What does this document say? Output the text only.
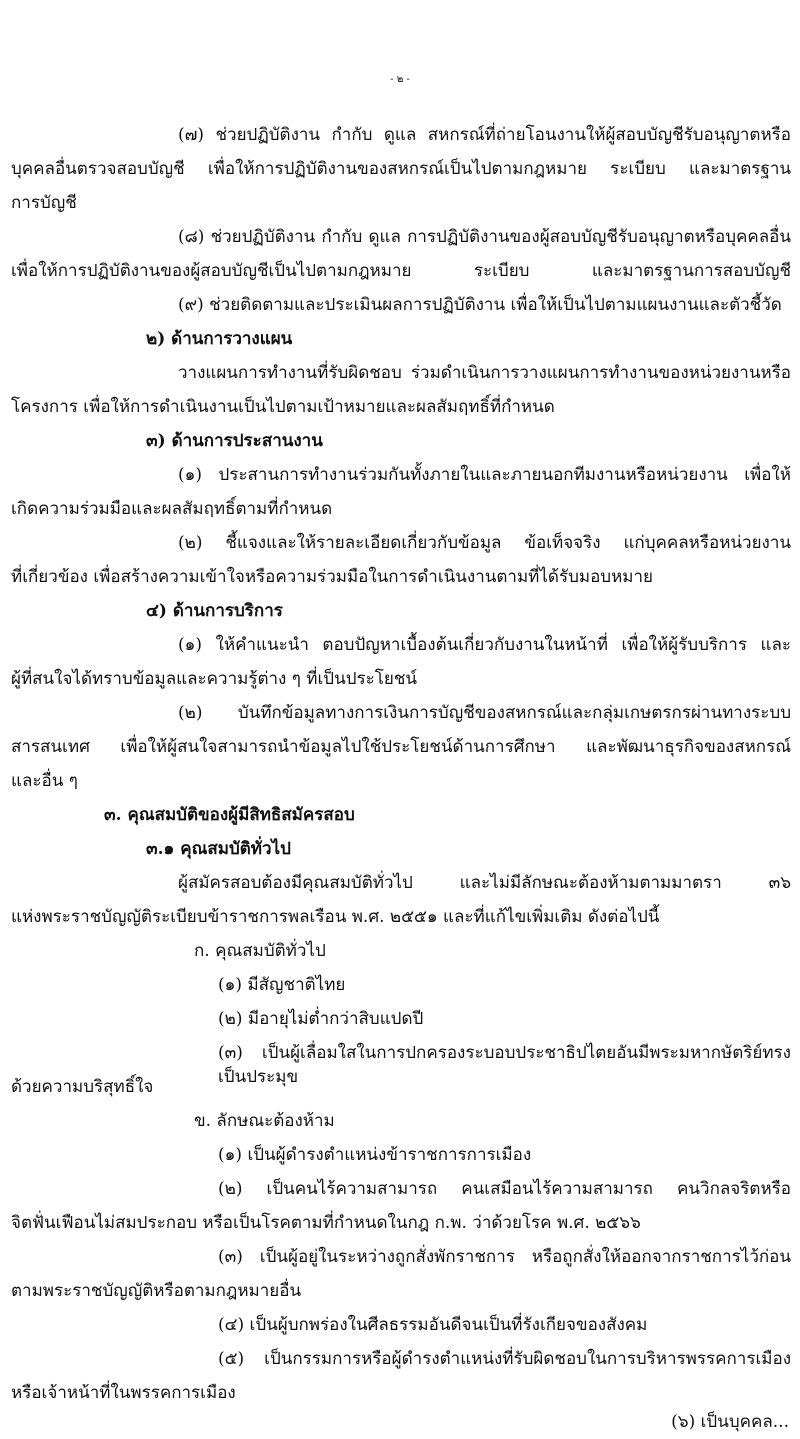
- ๒ -
(๗) ช่วยปฏิบัติงาน กำกับ ดูแล สหกรณ์ที่ถ่ายโอนงานให้ผู้สอบบัญชีรับอนุญาตหรือ
บุคคลอื่นตรวจสอบบัญชี เพื่อให้การปฏิบัติงานของสหกรณ์เป็นไปตามกฎหมาย ระเบียบ และมาตรฐาน
การบัญชี
(๘) ช่วยปฏิบัติงาน กำกับ ดูแล การปฏิบัติงานของผู้สอบบัญชีรับอนุญาตหรือบุคคลอื่น
เพื่อให้การปฏิบัติงานของผู้สอบบัญชีเป็นไปตามกฎหมาย ระเบียบ และมาตรฐานการสอบบัญชี
(๙) ช่วยติดตามและประเมินผลการปฏิบัติงาน เพื่อให้เป็นไปตามแผนงานและตัวชี้วัด
๒) ด้านการวางแผน
วางแผนการทำงานที่รับผิดชอบ ร่วมดำเนินการวางแผนการทำงานของหน่วยงานหรือ
โครงการ เพื่อให้การดำเนินงานเป็นไปตามเป้าหมายและผลสัมฤทธิ์ที่กำหนด
๓) ด้านการประสานงาน
(๑) ประสานการทำงานร่วมกันทั้งภายในและภายนอกทีมงานหรือหน่วยงาน เพื่อให้
เกิดความร่วมมือและผลสัมฤทธิ์ตามที่กำหนด
(๒) ชี้แจงและให้รายละเอียดเกี่ยวกับข้อมูล ข้อเท็จจริง แก่บุคคลหรือหน่วยงาน
ที่เกี่ยวข้อง เพื่อสร้างความเข้าใจหรือความร่วมมือในการดำเนินงานตามที่ได้รับมอบหมาย
๔) ด้านการบริการ
(๑) ให้คำแนะนำ ตอบปัญหาเบื้องต้นเกี่ยวกับงานในหน้าที่ เพื่อให้ผู้รับบริการ และ
ผู้ที่สนใจได้ทราบข้อมูลและความรู้ต่าง ๆ ที่เป็นประโยชน์
(๒) บันทึกข้อมูลทางการเงินการบัญชีของสหกรณ์และกลุ่มเกษตรกรผ่านทางระบบ
สารสนเทศ เพื่อให้ผู้สนใจสามารถนำข้อมูลไปใช้ประโยชน์ด้านการศึกษา และพัฒนาธุรกิจของสหกรณ์
และอื่น ๆ
๓. คุณสมบัติของผู้มีสิทธิสมัครสอบ
๓.๑ คุณสมบัติทั่วไป
ผู้สมัครสอบต้องมีคุณสมบัติทั่วไป และไม่มีลักษณะต้องห้ามตามมาตรา ๓๖
แห่งพระราชบัญญัติระเบียบข้าราชการพลเรือน พ.ศ. ๒๕๕๑ และที่แก้ไขเพิ่มเติม ดังต่อไปนี้
ก. คุณสมบัติทั่วไป
(๑) มีสัญชาติไทย
(๒) มีอายุไม่ต่ำกว่าสิบแปดปี
(๓) เป็นผู้เลื่อมใสในการปกครองระบอบประชาธิปไตยอันมีพระมหากษัตริย์ทรงเป็นประมุข
ด้วยความบริสุทธิ์ใจ
ข. ลักษณะต้องห้าม
(๑) เป็นผู้ดำรงตำแหน่งข้าราชการการเมือง
(๒) เป็นคนไร้ความสามารถ คนเสมือนไร้ความสามารถ คนวิกลจริตหรือ
จิตฟั่นเฟือนไม่สมประกอบ หรือเป็นโรคตามที่กำหนดในกฎ ก.พ. ว่าด้วยโรค พ.ศ. ๒๕๖๖
(๓) เป็นผู้อยู่ในระหว่างถูกสั่งพักราชการ หรือถูกสั่งให้ออกจากราชการไว้ก่อน
ตามพระราชบัญญัติหรือตามกฎหมายอื่น
(๔) เป็นผู้บกพร่องในศีลธรรมอันดีจนเป็นที่รังเกียจของสังคม
(๕) เป็นกรรมการหรือผู้ดำรงตำแหน่งที่รับผิดชอบในการบริหารพรรคการเมือง
หรือเจ้าหน้าที่ในพรรคการเมือง
(๖) เป็นบุคคล...
